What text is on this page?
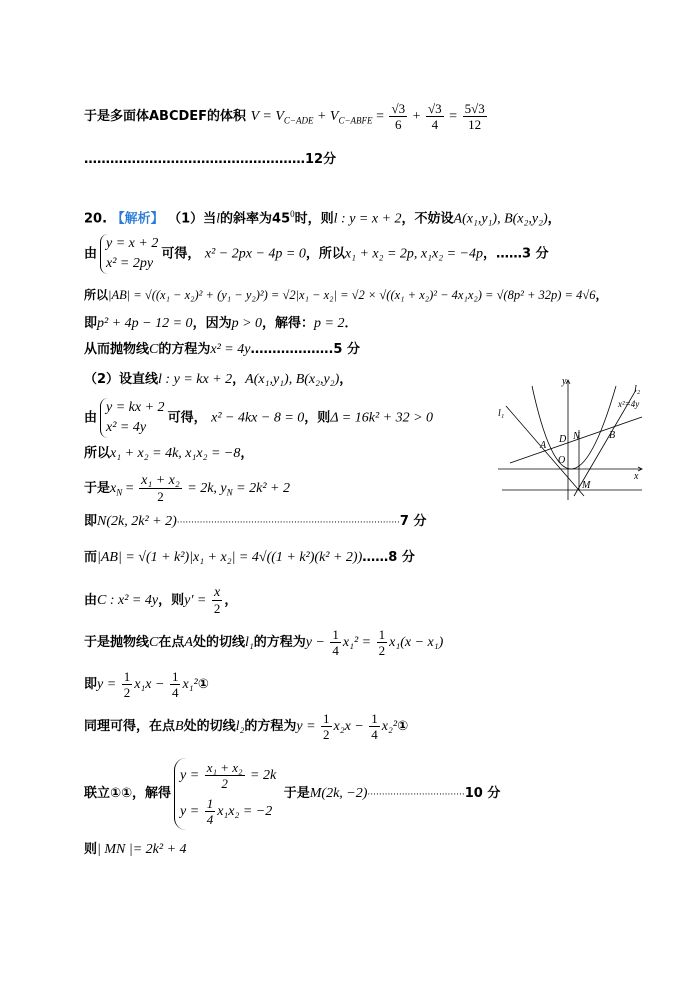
于是多面体ABCDEF的体积 $V = V_{C-ADE} + V_{C-ABFE} = \frac{√3}{6} + \frac{√3}{4} = \frac{5√3}{12}$
……………………………………………12分
20. 【解析】 （1）当l的斜率为$45^0$时，则l : y = x + 2，不妨设A(x₁,y₁), B(x₂,y₂)，
由
y = x + 2
x² = 2py
可得， x² − 2px − 4p = 0，所以x₁ + x₂ = 2p, x₁x₂ = −4p，……3 分
所以|AB| = √((x₁ − x₂)² + (y₁ − y₂)²) = √2|x₁ − x₂| = √2 × √((x₁ + x₂)² − 4x₁x₂) = √(8p² + 32p) = 4√6，
即p² + 4p − 12 = 0，因为p > 0，解得：p = 2．
从而抛物线C的方程为x² = 4y……………….5 分
（2）设直线l : y = kx + 2，A(x₁,y₁), B(x₂,y₂)，
由
y = kx + 2
x² = 4y
可得， x² − 4kx − 8 = 0，则Δ = 16k² + 32 > 0
所以x₁ + x₂ = 4k, x₁x₂ = −8，
于是$x_N = \frac{\text{x₁ + x₂}}{2} = 2k$, $y_N = 2k^2 + 2$
即N(2k, 2k² + 2)··············································································7 分
而|AB| = √(1 + k²)|x₁ + x₂| = 4√((1 + k²)(k² + 2))……8 分
由C : x² = 4y，则$y' = \frac{x}{2}$ ，
于是抛物线C在点A处的切线l₁的方程为$y - \frac{1}{4} x_1^2 = \frac{1}{2} x_1(x - x_1)$
即$y = \frac{1}{2} x_1x - \frac{1}{4}$ x₁²①
同理可得，在点B处的切线l₂的方程为$y = \frac{1}{2} x_2x - \frac{1}{4}$ x₂²①
联立①①，解得
$y = \frac{\text{x₁ + x₂}}{2} = 2k$
$y = \frac{1}{4} x_1x_2 = -2$
于是M(2k, −2)··································10 分
则| MN |= 2k² + 4
y
x
l₁
l₂
x²=4y
A
B
D N
O
M
